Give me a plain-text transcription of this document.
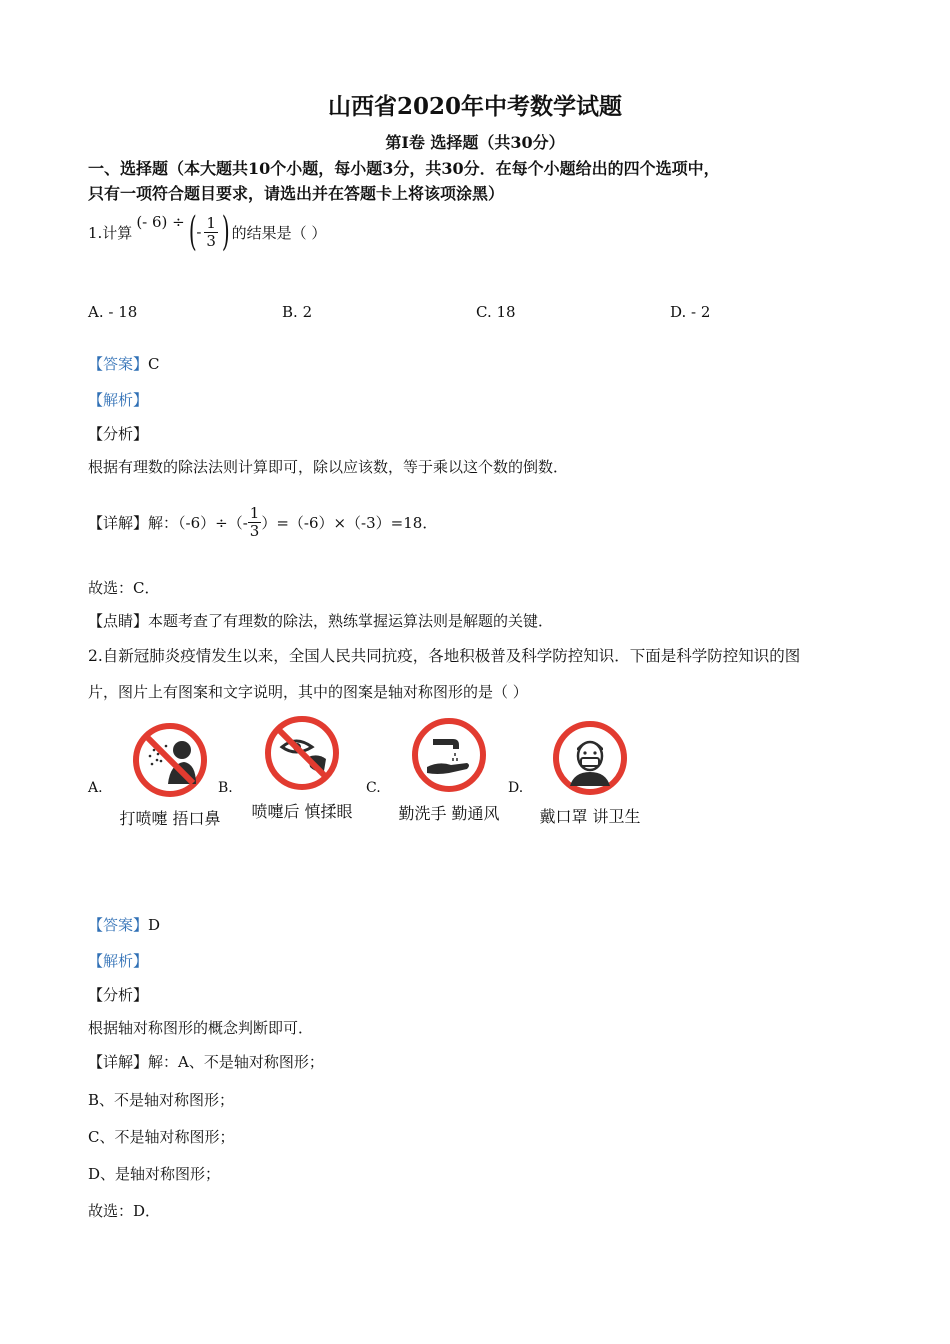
山西省2020年中考数学试题
第I卷 选择题（共30分）
一、选择题（本大题共10个小题，每小题3分，共30分．在每个小题给出的四个选项中，
只有一项符合题目要求，请选出并在答题卡上将该项涂黑）
1.计算
(- 6) ÷ ( - $\frac{1}{3}$ ) 的结果是（ ）
A. - 18	B. 2	C. 18	D. - 2
【答案】C
【解析】
【分析】
根据有理数的除法法则计算即可，除以应该数，等于乘以这个数的倒数．
【详解】 解：$(-6)\div(- \frac{1}{3} )=(-6)\times(-3)=18$．
故选：C．
【点睛】本题考查了有理数的除法，熟练掌握运算法则是解题的关键．
2.自新冠肺炎疫情发生以来，全国人民共同抗疫，各地积极普及科学防控知识．下面是科学防控知识的图
片，图片上有图案和文字说明，其中的图案是轴对称图形的是（ ）
A.	B.	C.	D.
打喷嚏 捂口鼻	喷嚏后 慎揉眼	勤洗手 勤通风	戴口罩 讲卫生
【答案】D
【解析】
【分析】
根据轴对称图形的概念判断即可．
【详解】解：A、不是轴对称图形；
B、不是轴对称图形；
C、不是轴对称图形；
D、是轴对称图形；
故选：D．
